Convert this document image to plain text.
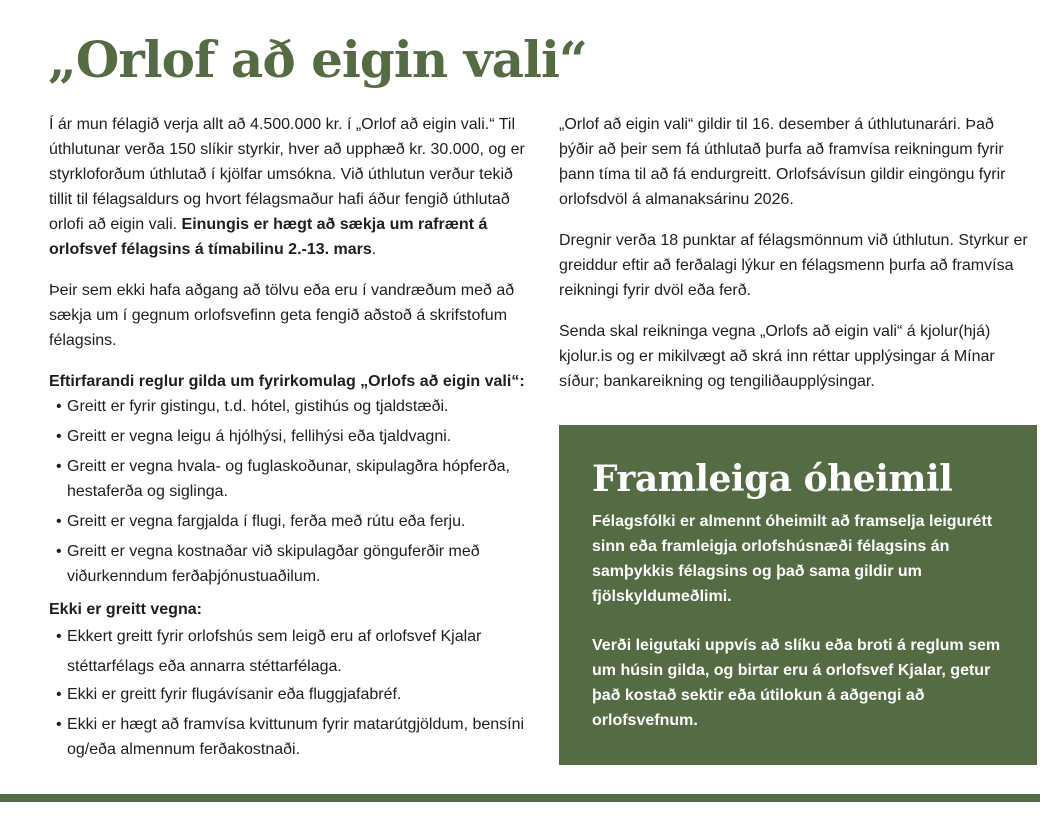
„Orlof að eigin vali“

Í ár mun félagið verja allt að 4.500.000 kr. í „Orlof að eigin vali.“ Til úthlutunar verða 150 slíkir styrkir, hver að upphæð kr. 30.000, og er styrkloforðum úthlutað í kjölfar umsókna. Við úthlutun verður tekið tillit til félagsaldurs og hvort félagsmaður hafi áður fengið úthlutað orlofi að eigin vali. Einungis er hægt að sækja um rafrænt á orlofsvef félagsins á tímabilinu 2.-13. mars.

Þeir sem ekki hafa aðgang að tölvu eða eru í vandræðum með að sækja um í gegnum orlofsvefinn geta fengið aðstoð á skrifstofum félagsins.

Eftirfarandi reglur gilda um fyrirkomulag „Orlofs að eigin vali“:
• Greitt er fyrir gistingu, t.d. hótel, gistihús og tjaldstæði.
• Greitt er vegna leigu á hjólhýsi, fellihýsi eða tjaldvagni.
• Greitt er vegna hvala- og fuglaskoðunar, skipulagðra hópferða, hestaferða og siglinga.
• Greitt er vegna fargjalda í flugi, ferða með rútu eða ferju.
• Greitt er vegna kostnaðar við skipulagðar gönguferðir með viðurkenndum ferðaþjónustuaðilum.
Ekki er greitt vegna:
• Ekkert greitt fyrir orlofshús sem leigð eru af orlofsvef Kjalar stéttarfélags eða annarra stéttarfélaga.
• Ekki er greitt fyrir flugávísanir eða fluggjafabréf.
• Ekki er hægt að framvísa kvittunum fyrir matarútgjöldum, bensíni og/eða almennum ferðakostnaði.

„Orlof að eigin vali“ gildir til 16. desember á úthlutunarári. Það þýðir að þeir sem fá úthlutað þurfa að framvísa reikningum fyrir þann tíma til að fá endurgreitt. Orlofsávísun gildir eingöngu fyrir orlofsdvöl á almanaksárinu 2026.

Dregnir verða 18 punktar af félagsmönnum við úthlutun. Styrkur er greiddur eftir að ferðalagi lýkur en félagsmenn þurfa að framvísa reikningi fyrir dvöl eða ferð.

Senda skal reikninga vegna „Orlofs að eigin vali“ á kjolur(hjá) kjolur.is og er mikilvægt að skrá inn réttar upplýsingar á Mínar síður; bankareikning og tengiliðaupplýsingar.

Framleiga óheimil

Félagsfólki er almennt óheimilt að framselja leigurétt sinn eða framleigja orlofshúsnæði félagsins án samþykkis félagsins og það sama gildir um fjölskyldumeðlimi.

Verði leigutaki uppvís að slíku eða broti á reglum sem um húsin gilda, og birtar eru á orlofsvef Kjalar, getur það kostað sektir eða útilokun á aðgengi að orlofsvefnum.
